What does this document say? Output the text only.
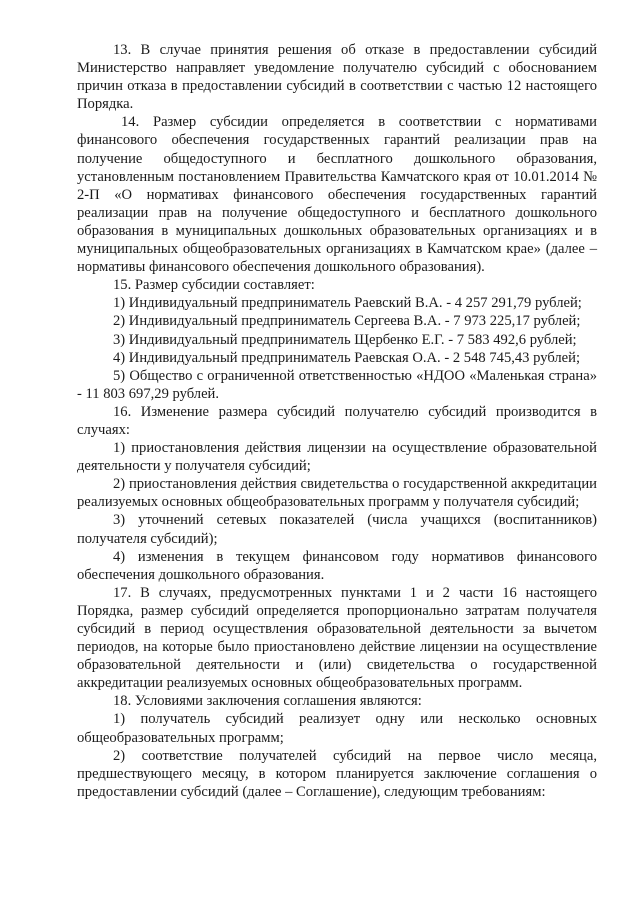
13. В случае принятия решения об отказе в предоставлении субсидий Министерство направляет уведомление получателю субсидий с обоснованием причин отказа в предоставлении субсидий в соответствии с частью 12 настоящего Порядка.

14. Размер субсидии определяется в соответствии с нормативами финансового обеспечения государственных гарантий реализации прав на получение общедоступного и бесплатного дошкольного образования, установленным постановлением Правительства Камчатского края от 10.01.2014 № 2-П «О нормативах финансового обеспечения государственных гарантий реализации прав на получение общедоступного и бесплатного дошкольного образования в муниципальных дошкольных образовательных организациях и в муниципальных общеобразовательных организациях в Камчатском крае» (далее – нормативы финансового обеспечения дошкольного образования).

15. Размер субсидии составляет:

1) Индивидуальный предприниматель Раевский В.А. - 4 257 291,79 рублей;

2) Индивидуальный предприниматель Сергеева В.А. - 7 973 225,17 рублей;

3) Индивидуальный предприниматель Щербенко Е.Г. - 7 583 492,6 рублей;

4) Индивидуальный предприниматель Раевская О.А. - 2 548 745,43 рублей;

5) Общество с ограниченной ответственностью «НДОО «Маленькая страна» - 11 803 697,29 рублей.

16. Изменение размера субсидий получателю субсидий производится в случаях:

1) приостановления действия лицензии на осуществление образовательной деятельности у получателя субсидий;

2) приостановления действия свидетельства о государственной аккредитации реализуемых основных общеобразовательных программ у получателя субсидий;

3) уточнений сетевых показателей (числа учащихся (воспитанников) получателя субсидий);

4) изменения в текущем финансовом году нормативов финансового обеспечения дошкольного образования.

17. В случаях, предусмотренных пунктами 1 и 2 части 16 настоящего Порядка, размер субсидий определяется пропорционально затратам получателя субсидий в период осуществления образовательной деятельности за вычетом периодов, на которые было приостановлено действие лицензии на осуществление образовательной деятельности и (или) свидетельства о государственной аккредитации реализуемых основных общеобразовательных программ.

18. Условиями заключения соглашения являются:

1) получатель субсидий реализует одну или несколько основных общеобразовательных программ;

2) соответствие получателей субсидий на первое число месяца, предшествующего месяцу, в котором планируется заключение соглашения о предоставлении субсидий (далее – Соглашение), следующим требованиям:
